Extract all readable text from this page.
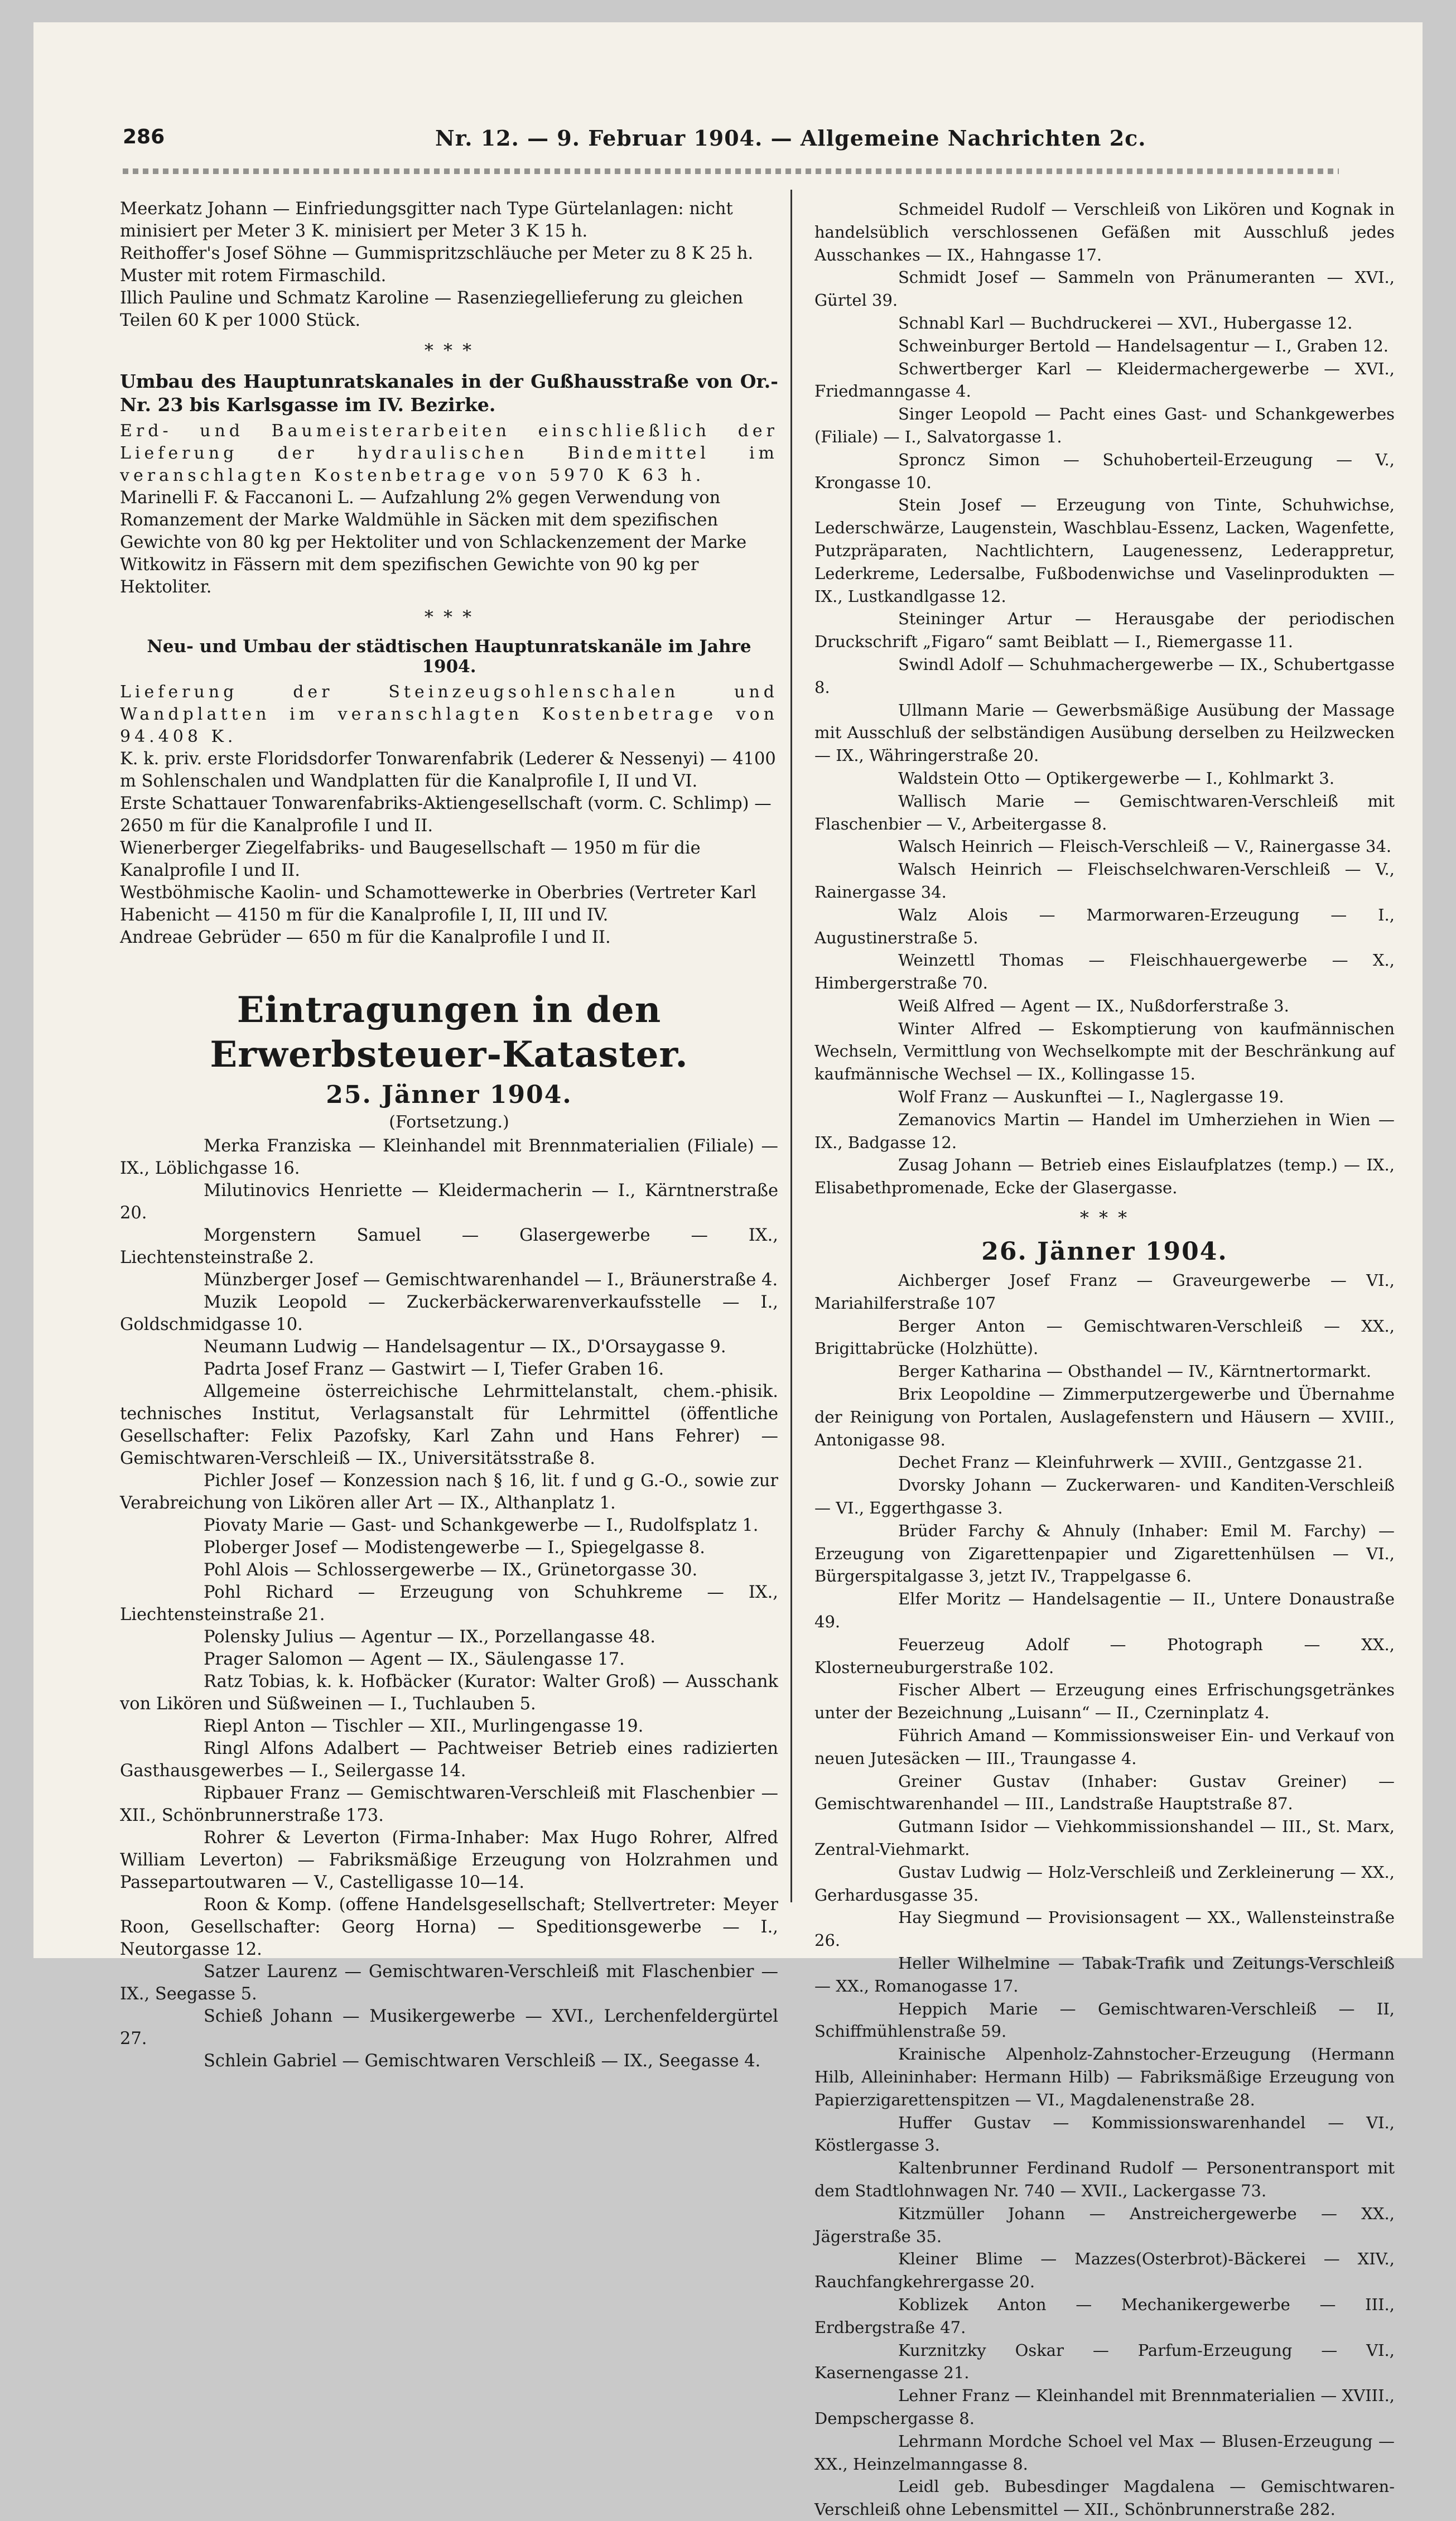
286	Nr. 12. — 9. Februar 1904. — Allgemeine Nachrichten 2c.

Meerkatz Johann — Einfriedungsgitter nach Type Gürtelanlagen: nicht minisiert per Meter 3 K. minisiert per Meter 3 K 15 h.

Reithoffer's Josef Söhne — Gummispritzschläuche per Meter zu 8 K 25 h. Muster mit rotem Firmaschild.

Illich Pauline und Schmatz Karoline — Rasenziegellieferung zu gleichen Teilen 60 K per 1000 Stück.

* * *

Umbau des Hauptunratskanales in der Gußhausstraße von Or.-Nr. 23 bis Karlsgasse im IV. Bezirke.

Erd- und Baumeisterarbeiten einschließlich der Lieferung der hydraulischen Bindemittel im veranschlagten Kostenbetrage von 5970 K 63 h.

Marinelli F. & Faccanoni L. — Aufzahlung 2% gegen Verwendung von Romanzement der Marke Waldmühle in Säcken mit dem spezifischen Gewichte von 80 kg per Hektoliter und von Schlackenzement der Marke Witkowitz in Fässern mit dem spezifischen Gewichte von 90 kg per Hektoliter.

* * *

Neu- und Umbau der städtischen Hauptunratskanäle im Jahre 1904.

Lieferung der Steinzeugsohlenschalen und Wandplatten im veranschlagten Kostenbetrage von 94.408 K.

K. k. priv. erste Floridsdorfer Tonwarenfabrik (Lederer & Nessenyi) — 4100 m Sohlenschalen und Wandplatten für die Kanalprofile I, II und VI.

Erste Schattauer Tonwarenfabriks-Aktiengesellschaft (vorm. C. Schlimp) — 2650 m für die Kanalprofile I und II.

Wienerberger Ziegelfabriks- und Baugesellschaft — 1950 m für die Kanalprofile I und II.

Westböhmische Kaolin- und Schamottewerke in Oberbries (Vertreter Karl Habenicht — 4150 m für die Kanalprofile I, II, III und IV.

Andreae Gebrüder — 650 m für die Kanalprofile I und II.

Eintragungen in den Erwerbsteuer-Kataster.
25. Jänner 1904.
(Fortsetzung.)

Merka Franziska — Kleinhandel mit Brennmaterialien (Filiale) — IX., Löblichgasse 16.

Milutinovics Henriette — Kleidermacherin — I., Kärntnerstraße 20.

Morgenstern Samuel — Glasergewerbe — IX., Liechtensteinstraße 2.

Münzberger Josef — Gemischtwarenhandel — I., Bräunerstraße 4.

Muzik Leopold — Zuckerbäckerwarenverkaufsstelle — I., Goldschmidgasse 10.

Neumann Ludwig — Handelsagentur — IX., D'Orsaygasse 9.

Padrta Josef Franz — Gastwirt — I, Tiefer Graben 16.

Allgemeine österreichische Lehrmittelanstalt, chem.-phisik. technisches Institut, Verlagsanstalt für Lehrmittel (öffentliche Gesellschafter: Felix Pazofsky, Karl Zahn und Hans Fehrer) — Gemischtwaren-Verschleiß — IX., Universitätsstraße 8.

Pichler Josef — Konzession nach § 16, lit. f und g G.-O., sowie zur Verabreichung von Likören aller Art — IX., Althanplatz 1.

Piovaty Marie — Gast- und Schankgewerbe — I., Rudolfsplatz 1.

Ploberger Josef — Modistengewerbe — I., Spiegelgasse 8.

Pohl Alois — Schlossergewerbe — IX., Grünetorgasse 30.

Pohl Richard — Erzeugung von Schuhkreme — IX., Liechtensteinstraße 21.

Polensky Julius — Agentur — IX., Porzellangasse 48.

Prager Salomon — Agent — IX., Säulengasse 17.

Ratz Tobias, k. k. Hofbäcker (Kurator: Walter Groß) — Ausschank von Likören und Süßweinen — I., Tuchlauben 5.

Riepl Anton — Tischler — XII., Murlingengasse 19.

Ringl Alfons Adalbert — Pachtweiser Betrieb eines radizierten Gasthausgewerbes — I., Seilergasse 14.

Ripbauer Franz — Gemischtwaren-Verschleiß mit Flaschenbier — XII., Schönbrunnerstraße 173.

Rohrer & Leverton (Firma-Inhaber: Max Hugo Rohrer, Alfred William Leverton) — Fabriksmäßige Erzeugung von Holzrahmen und Passepartoutwaren — V., Castelligasse 10—14.

Roon & Komp. (offene Handelsgesellschaft; Stellvertreter: Meyer Roon, Gesellschafter: Georg Horna) — Speditionsgewerbe — I., Neutorgasse 12.

Satzer Laurenz — Gemischtwaren-Verschleiß mit Flaschenbier — IX., Seegasse 5.

Schieß Johann — Musikergewerbe — XVI., Lerchenfeldergürtel 27.

Schlein Gabriel — Gemischtwaren Verschleiß — IX., Seegasse 4.

Schmeidel Rudolf — Verschleiß von Likören und Kognak in handelsüblich verschlossenen Gefäßen mit Ausschluß jedes Ausschankes — IX., Hahngasse 17.

Schmidt Josef — Sammeln von Pränumeranten — XVI., Gürtel 39.

Schnabl Karl — Buchdruckerei — XVI., Hubergasse 12.

Schweinburger Bertold — Handelsagentur — I., Graben 12.

Schwertberger Karl — Kleidermachergewerbe — XVI., Friedmanngasse 4.

Singer Leopold — Pacht eines Gast- und Schankgewerbes (Filiale) — I., Salvatorgasse 1.

Sproncz Simon — Schuhoberteil-Erzeugung — V., Krongasse 10.

Stein Josef — Erzeugung von Tinte, Schuhwichse, Lederschwärze, Laugenstein, Waschblau-Essenz, Lacken, Wagenfette, Putzpräparaten, Nachtlichtern, Laugenessenz, Lederappretur, Lederkreme, Ledersalbe, Fußbodenwichse und Vaselinprodukten — IX., Lustkandlgasse 12.

Steininger Artur — Herausgabe der periodischen Druckschrift „Figaro“ samt Beiblatt — I., Riemergasse 11.

Swindl Adolf — Schuhmachergewerbe — IX., Schubertgasse 8.

Ullmann Marie — Gewerbsmäßige Ausübung der Massage mit Ausschluß der selbständigen Ausübung derselben zu Heilzwecken — IX., Währingerstraße 20.

Waldstein Otto — Optikergewerbe — I., Kohlmarkt 3.

Wallisch Marie — Gemischtwaren-Verschleiß mit Flaschenbier — V., Arbeitergasse 8.

Walsch Heinrich — Fleisch-Verschleiß — V., Rainergasse 34.

Walsch Heinrich — Fleischselchwaren-Verschleiß — V., Rainergasse 34.

Walz Alois — Marmorwaren-Erzeugung — I., Augustinerstraße 5.

Weinzettl Thomas — Fleischhauergewerbe — X., Himbergerstraße 70.

Weiß Alfred — Agent — IX., Nußdorferstraße 3.

Winter Alfred — Eskomptierung von kaufmännischen Wechseln, Vermittlung von Wechselkompte mit der Beschränkung auf kaufmännische Wechsel — IX., Kollingasse 15.

Wolf Franz — Auskunftei — I., Naglergasse 19.

Zemanovics Martin — Handel im Umherziehen in Wien — IX., Badgasse 12.

Zusag Johann — Betrieb eines Eislaufplatzes (temp.) — IX., Elisabethpromenade, Ecke der Glasergasse.

* * *
26. Jänner 1904.

Aichberger Josef Franz — Graveurgewerbe — VI., Mariahilferstraße 107

Berger Anton — Gemischtwaren-Verschleiß — XX., Brigittabrücke (Holzhütte).

Berger Katharina — Obsthandel — IV., Kärntnertormarkt.

Brix Leopoldine — Zimmerputzergewerbe und Übernahme der Reinigung von Portalen, Auslagefenstern und Häusern — XVIII., Antonigasse 98.

Dechet Franz — Kleinfuhrwerk — XVIII., Gentzgasse 21.

Dvorsky Johann — Zuckerwaren- und Kanditen-Verschleiß — VI., Eggerthgasse 3.

Brüder Farchy & Ahnuly (Inhaber: Emil M. Farchy) — Erzeugung von Zigarettenpapier und Zigarettenhülsen — VI., Bürgerspitalgasse 3, jetzt IV., Trappelgasse 6.

Elfer Moritz — Handelsagentie — II., Untere Donaustraße 49.

Feuerzeug Adolf — Photograph — XX., Klosterneuburgerstraße 102.

Fischer Albert — Erzeugung eines Erfrischungsgetränkes unter der Bezeichnung „Luisann“ — II., Czerninplatz 4.

Führich Amand — Kommissionsweiser Ein- und Verkauf von neuen Jutesäcken — III., Traungasse 4.

Greiner Gustav (Inhaber: Gustav Greiner) — Gemischtwarenhandel — III., Landstraße Hauptstraße 87.

Gutmann Isidor — Viehkommissionshandel — III., St. Marx, Zentral-Viehmarkt.

Gustav Ludwig — Holz-Verschleiß und Zerkleinerung — XX., Gerhardusgasse 35.

Hay Siegmund — Provisionsagent — XX., Wallensteinstraße 26.

Heller Wilhelmine — Tabak-Trafik und Zeitungs-Verschleiß — XX., Romanogasse 17.

Heppich Marie — Gemischtwaren-Verschleiß — II, Schiffmühlenstraße 59.

Krainische Alpenholz-Zahnstocher-Erzeugung (Hermann Hilb, Alleininhaber: Hermann Hilb) — Fabriksmäßige Erzeugung von Papierzigarettenspitzen — VI., Magdalenenstraße 28.

Huffer Gustav — Kommissionswarenhandel — VI., Köstlergasse 3.

Kaltenbrunner Ferdinand Rudolf — Personentransport mit dem Stadtlohnwagen Nr. 740 — XVII., Lackergasse 73.

Kitzmüller Johann — Anstreichergewerbe — XX., Jägerstraße 35.

Kleiner Blime — Mazzes(Osterbrot)-Bäckerei — XIV., Rauchfangkehrergasse 20.

Koblizek Anton — Mechanikergewerbe — III., Erdbergstraße 47.

Kurznitzky Oskar — Parfum-Erzeugung — VI., Kasernengasse 21.

Lehner Franz — Kleinhandel mit Brennmaterialien — XVIII., Dempschergasse 8.

Lehrmann Mordche Schoel vel Max — Blusen-Erzeugung — XX., Heinzelmanngasse 8.

Leidl geb. Bubesdinger Magdalena — Gemischtwaren-Verschleiß ohne Lebensmittel — XII., Schönbrunnerstraße 282.
